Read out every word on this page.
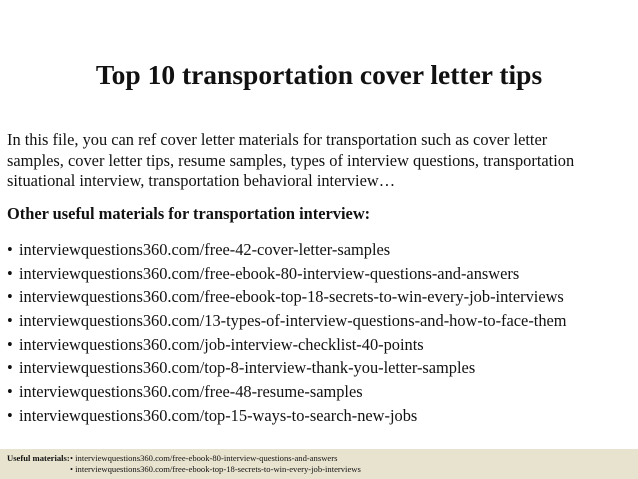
Top 10 transportation cover letter tips
In this file, you can ref cover letter materials for transportation such as cover letter
samples, cover letter tips, resume samples, types of interview questions, transportation
situational interview, transportation behavioral interview…
Other useful materials for transportation interview:
• interviewquestions360.com/free-42-cover-letter-samples
• interviewquestions360.com/free-ebook-80-interview-questions-and-answers
• interviewquestions360.com/free-ebook-top-18-secrets-to-win-every-job-interviews
• interviewquestions360.com/13-types-of-interview-questions-and-how-to-face-them
• interviewquestions360.com/job-interview-checklist-40-points
• interviewquestions360.com/top-8-interview-thank-you-letter-samples
• interviewquestions360.com/free-48-resume-samples
• interviewquestions360.com/top-15-ways-to-search-new-jobs
Useful materials: • interviewquestions360.com/free-ebook-80-interview-questions-and-answers
• interviewquestions360.com/free-ebook-top-18-secrets-to-win-every-job-interviews
